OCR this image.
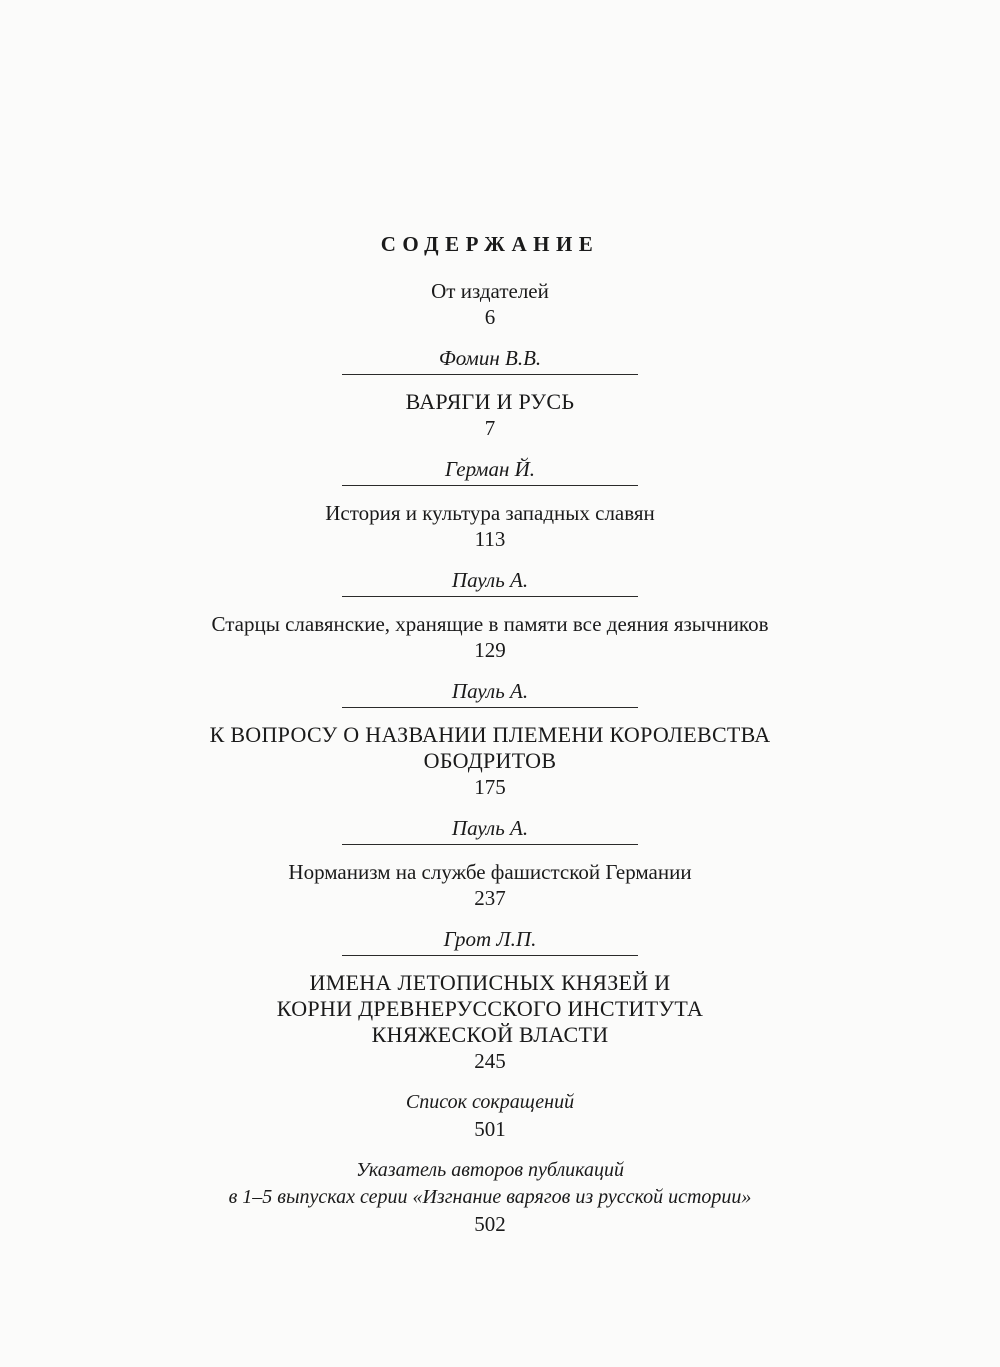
СОДЕРЖАНИЕ
От издателей
6
Фомин В.В.
ВАРЯГИ И РУСЬ
7
Герман Й.
История и культура западных славян
113
Пауль А.
Старцы славянские, хранящие в памяти все деяния язычников
129
Пауль А.
К ВОПРОСУ О НАЗВАНИИ ПЛЕМЕНИ КОРОЛЕВСТВА
ОБОДРИТОВ
175
Пауль А.
Норманизм на службе фашистской Германии
237
Грот Л.П.
ИМЕНА ЛЕТОПИСНЫХ КНЯЗЕЙ И
КОРНИ ДРЕВНЕРУССКОГО ИНСТИТУТА
КНЯЖЕСКОЙ ВЛАСТИ
245
Список сокращений
501
Указатель авторов публикаций
в 1–5 выпусках серии «Изгнание варягов из русской истории»
502
